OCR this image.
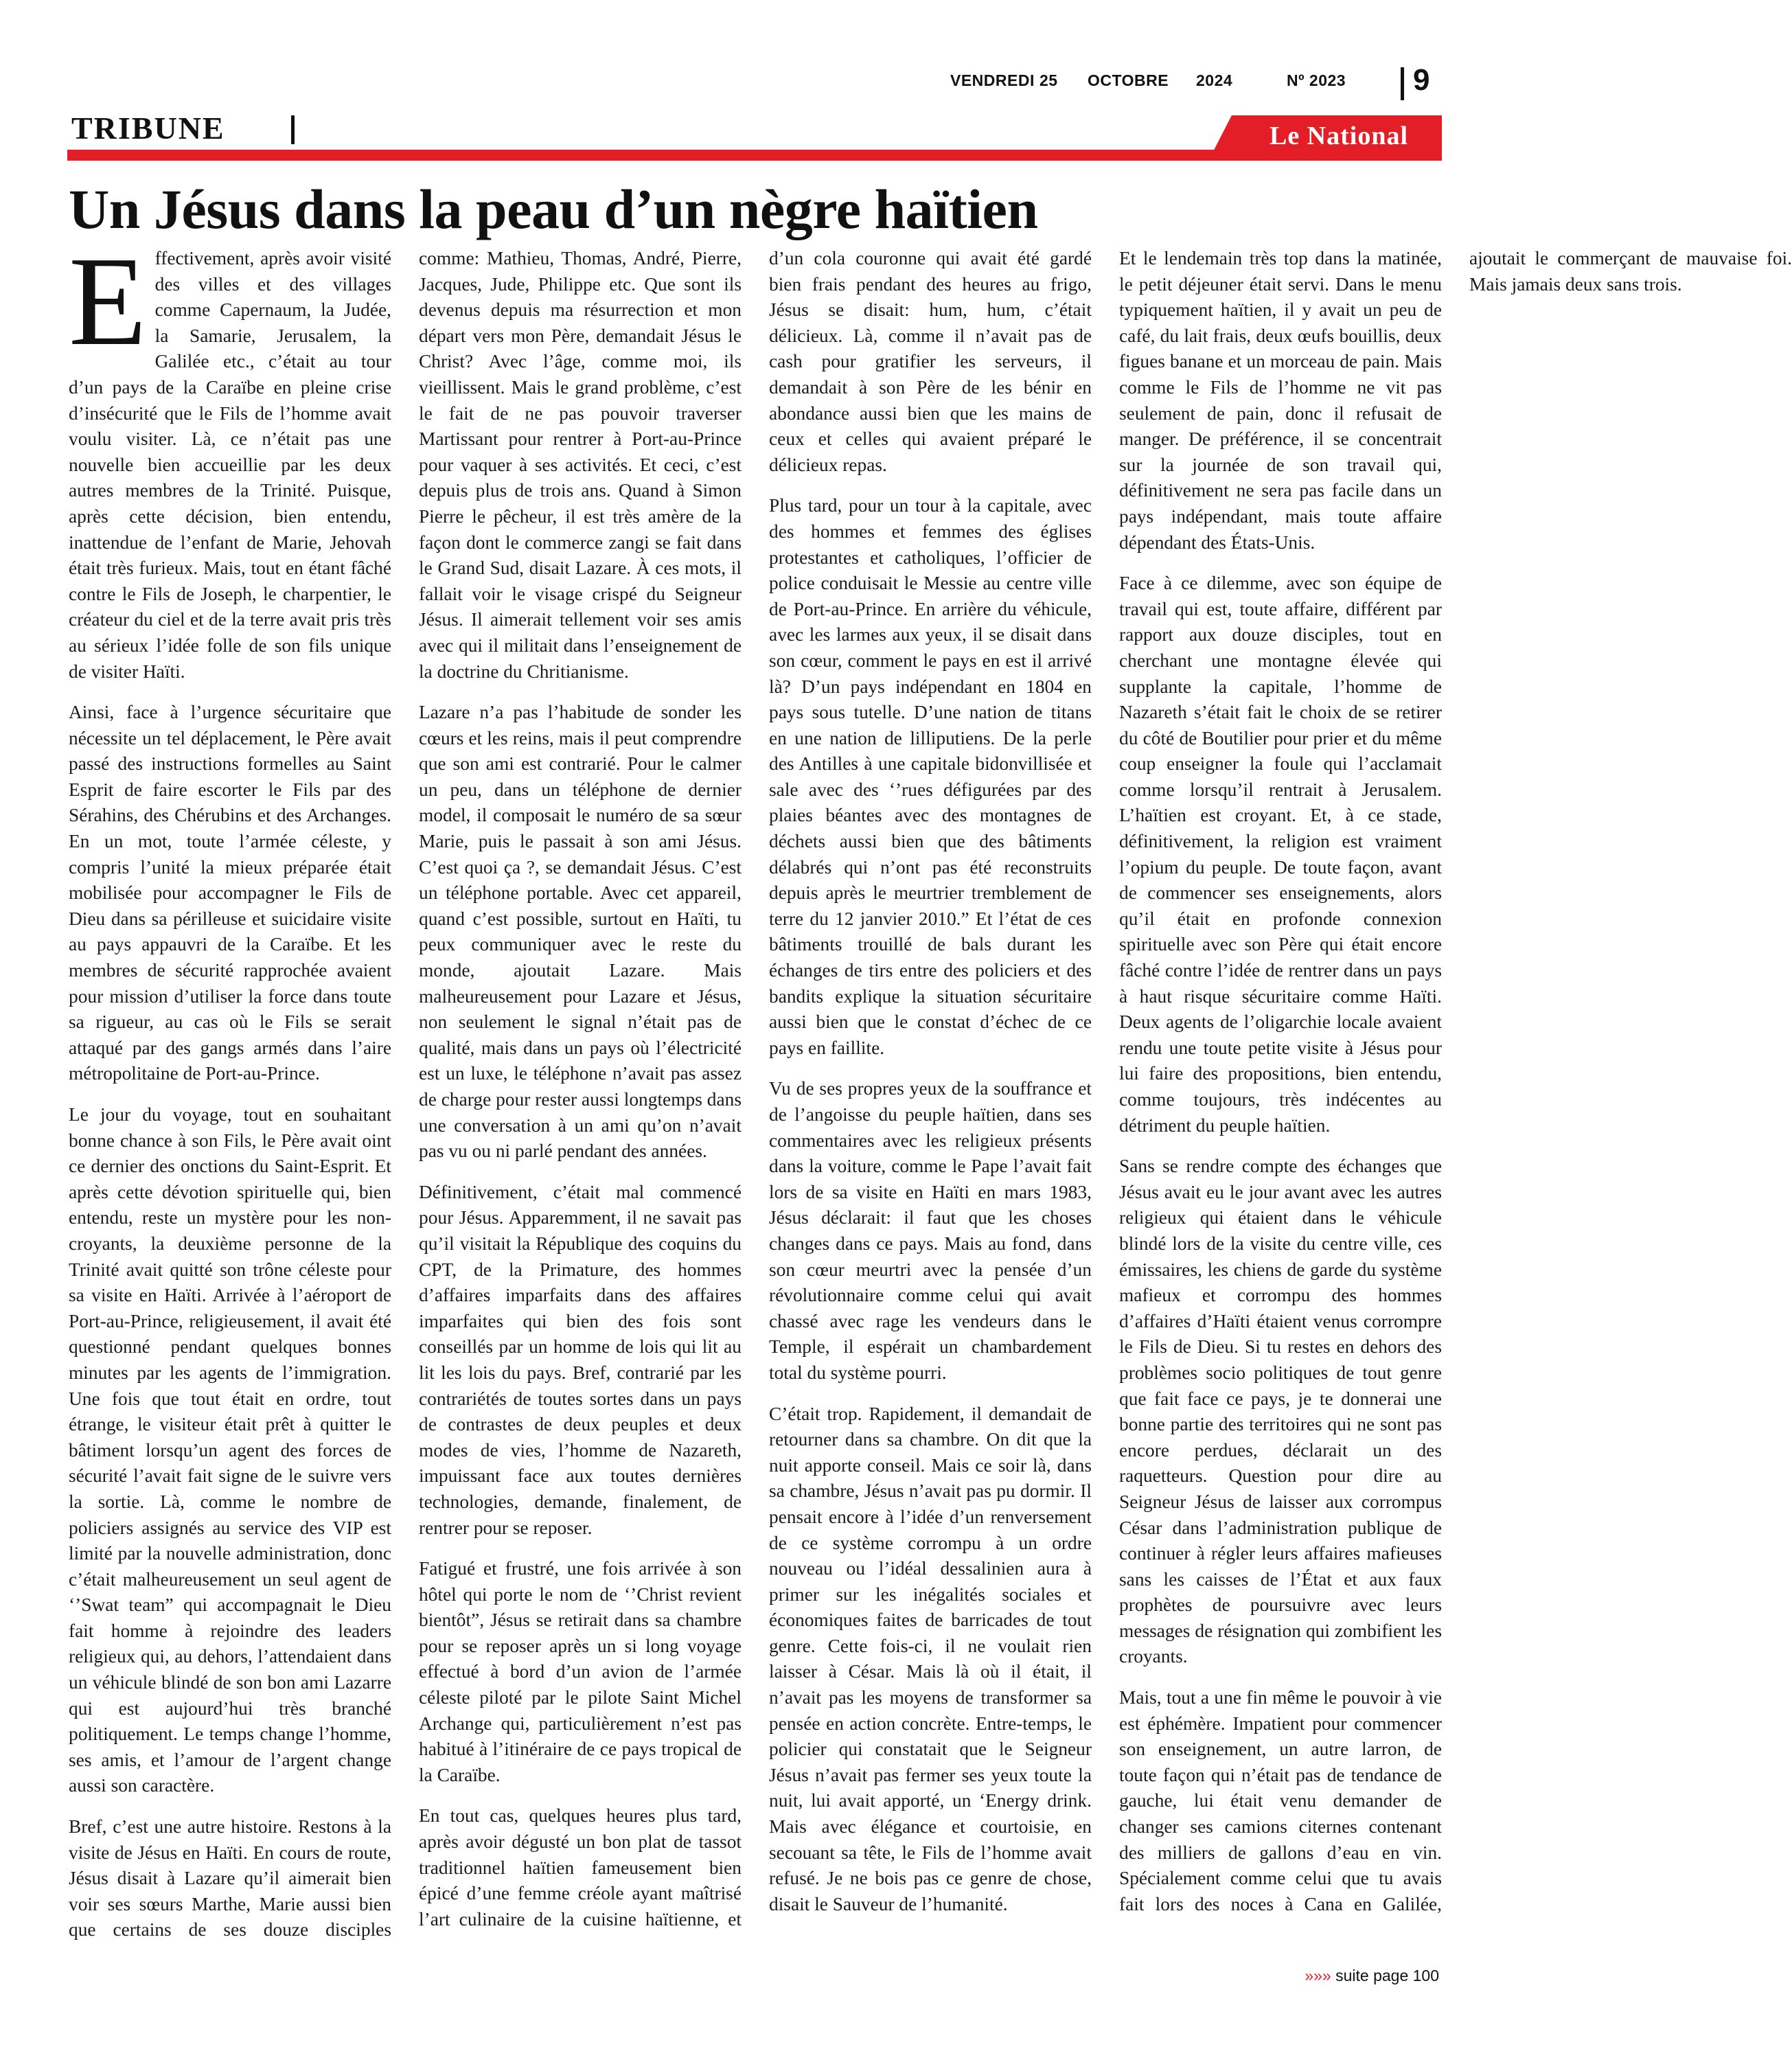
VENDREDI 25 OCTOBRE 2024	Nº 2023 9
TRIBUNE	Le National
Un Jésus dans la peau d’un nègre haïtien

Effectivement, après avoir visité des villes et des villages comme Capernaum, la Judée, la Samarie, Jerusalem, la Galilée etc., c’était au tour d’un pays de la Caraïbe en pleine crise d’insécurité que le Fils de l’homme avait voulu visiter. Là, ce n’était pas une nouvelle bien accueillie par les deux autres membres de la Trinité. Puisque, après cette décision, bien entendu, inattendue de l’enfant de Marie, Jehovah était très furieux. Mais, tout en étant fâché contre le Fils de Joseph, le charpentier, le créateur du ciel et de la terre avait pris très au sérieux l’idée folle de son fils unique de visiter Haïti.

Ainsi, face à l’urgence sécuritaire que nécessite un tel déplacement, le Père avait passé des instructions formelles au Saint Esprit de faire escorter le Fils par des Sérahins, des Chérubins et des Archanges. En un mot, toute l’armée céleste, y compris l’unité la mieux préparée était mobilisée pour accompagner le Fils de Dieu dans sa périlleuse et suicidaire visite au pays appauvri de la Caraïbe. Et les membres de sécurité rapprochée avaient pour mission d’utiliser la force dans toute sa rigueur, au cas où le Fils se serait attaqué par des gangs armés dans l’aire métropolitaine de Port-au-Prince.

Le jour du voyage, tout en souhaitant bonne chance à son Fils, le Père avait oint ce dernier des onctions du Saint-Esprit. Et après cette dévotion spirituelle qui, bien entendu, reste un mystère pour les non-croyants, la deuxième personne de la Trinité avait quitté son trône céleste pour sa visite en Haïti. Arrivée à l’aéroport de Port-au-Prince, religieusement, il avait été questionné pendant quelques bonnes minutes par les agents de l’immigration. Une fois que tout était en ordre, tout étrange, le visiteur était prêt à quitter le bâtiment lorsqu’un agent des forces de sécurité l’avait fait signe de le suivre vers la sortie. Là, comme le nombre de policiers assignés au service des VIP est limité par la nouvelle administration, donc c’était malheureusement un seul agent de ‘’Swat team” qui accompagnait le Dieu fait homme à rejoindre des leaders religieux qui, au dehors, l’attendaient dans un véhicule blindé de son bon ami Lazarre qui est aujourd’hui très branché politiquement. Le temps change l’homme, ses amis, et l’amour de l’argent change aussi son caractère.

Bref, c’est une autre histoire. Restons à la visite de Jésus en Haïti. En cours de route, Jésus disait à Lazare qu’il aimerait bien voir ses sœurs Marthe, Marie aussi bien que certains de ses douze disciples comme: Mathieu, Thomas, André, Pierre, Jacques, Jude, Philippe etc. Que sont ils devenus depuis ma résurrection et mon départ vers mon Père, demandait Jésus le Christ? Avec l’âge, comme moi, ils vieillissent. Mais le grand problème, c’est le fait de ne pas pouvoir traverser Martissant pour rentrer à Port-au-Prince pour vaquer à ses activités. Et ceci, c’est depuis plus de trois ans. Quand à Simon Pierre le pêcheur, il est très amère de la façon dont le commerce zangi se fait dans le Grand Sud, disait Lazare. À ces mots, il fallait voir le visage crispé du Seigneur Jésus. Il aimerait tellement voir ses amis avec qui il militait dans l’enseignement de la doctrine du Chritianisme.

Lazare n’a pas l’habitude de sonder les cœurs et les reins, mais il peut comprendre que son ami est contrarié. Pour le calmer un peu, dans un téléphone de dernier model, il composait le numéro de sa sœur Marie, puis le passait à son ami Jésus. C’est quoi ça ?, se demandait Jésus. C’est un téléphone portable. Avec cet appareil, quand c’est possible, surtout en Haïti, tu peux communiquer avec le reste du monde, ajoutait Lazare. Mais malheureusement pour Lazare et Jésus, non seulement le signal n’était pas de qualité, mais dans un pays où l’électricité est un luxe, le téléphone n’avait pas assez de charge pour rester aussi longtemps dans une conversation à un ami qu’on n’avait pas vu ou ni parlé pendant des années.

Définitivement, c’était mal commencé pour Jésus. Apparemment, il ne savait pas qu’il visitait la République des coquins du CPT, de la Primature, des hommes d’affaires imparfaits dans des affaires imparfaites qui bien des fois sont conseillés par un homme de lois qui lit au lit les lois du pays. Bref, contrarié par les contrariétés de toutes sortes dans un pays de contrastes de deux peuples et deux modes de vies, l’homme de Nazareth, impuissant face aux toutes dernières technologies, demande, finalement, de rentrer pour se reposer.

Fatigué et frustré, une fois arrivée à son hôtel qui porte le nom de ‘’Christ revient bientôt”, Jésus se retirait dans sa chambre pour se reposer après un si long voyage effectué à bord d’un avion de l’armée céleste piloté par le pilote Saint Michel Archange qui, particulièrement n’est pas habitué à l’itinéraire de ce pays tropical de la Caraïbe.

En tout cas, quelques heures plus tard, après avoir dégusté un bon plat de tassot traditionnel haïtien fameusement bien épicé d’une femme créole ayant maîtrisé l’art culinaire de la cuisine haïtienne, et d’un cola couronne qui avait été gardé bien frais pendant des heures au frigo, Jésus se disait: hum, hum, c’était délicieux. Là, comme il n’avait pas de cash pour gratifier les serveurs, il demandait à son Père de les bénir en abondance aussi bien que les mains de ceux et celles qui avaient préparé le délicieux repas.

Plus tard, pour un tour à la capitale, avec des hommes et femmes des églises protestantes et catholiques, l’officier de police conduisait le Messie au centre ville de Port-au-Prince. En arrière du véhicule, avec les larmes aux yeux, il se disait dans son cœur, comment le pays en est il arrivé là? D’un pays indépendant en 1804 en pays sous tutelle. D’une nation de titans en une nation de lilliputiens. De la perle des Antilles à une capitale bidonvillisée et sale avec des ‘’rues défigurées par des plaies béantes avec des montagnes de déchets aussi bien que des bâtiments délabrés qui n’ont pas été reconstruits depuis après le meurtrier tremblement de terre du 12 janvier 2010.” Et l’état de ces bâtiments trouillé de bals durant les échanges de tirs entre des policiers et des bandits explique la situation sécuritaire aussi bien que le constat d’échec de ce pays en faillite.

Vu de ses propres yeux de la souffrance et de l’angoisse du peuple haïtien, dans ses commentaires avec les religieux présents dans la voiture, comme le Pape l’avait fait lors de sa visite en Haïti en mars 1983, Jésus déclarait: il faut que les choses changes dans ce pays. Mais au fond, dans son cœur meurtri avec la pensée d’un révolutionnaire comme celui qui avait chassé avec rage les vendeurs dans le Temple, il espérait un chambardement total du système pourri.

C’était trop. Rapidement, il demandait de retourner dans sa chambre. On dit que la nuit apporte conseil. Mais ce soir là, dans sa chambre, Jésus n’avait pas pu dormir. Il pensait encore à l’idée d’un renversement de ce système corrompu à un ordre nouveau ou l’idéal dessalinien aura à primer sur les inégalités sociales et économiques faites de barricades de tout genre. Cette fois-ci, il ne voulait rien laisser à César. Mais là où il était, il n’avait pas les moyens de transformer sa pensée en action concrète. Entre-temps, le policier qui constatait que le Seigneur Jésus n’avait pas fermer ses yeux toute la nuit, lui avait apporté, un ‘Energy drink. Mais avec élégance et courtoisie, en secouant sa tête, le Fils de l’homme avait refusé. Je ne bois pas ce genre de chose, disait le Sauveur de l’humanité.

Et le lendemain très top dans la matinée, le petit déjeuner était servi. Dans le menu typiquement haïtien, il y avait un peu de café, du lait frais, deux œufs bouillis, deux figues banane et un morceau de pain. Mais comme le Fils de l’homme ne vit pas seulement de pain, donc il refusait de manger. De préférence, il se concentrait sur la journée de son travail qui, définitivement ne sera pas facile dans un pays indépendant, mais toute affaire dépendant des États-Unis.

Face à ce dilemme, avec son équipe de travail qui est, toute affaire, différent par rapport aux douze disciples, tout en cherchant une montagne élevée qui supplante la capitale, l’homme de Nazareth s’était fait le choix de se retirer du côté de Boutilier pour prier et du même coup enseigner la foule qui l’acclamait comme lorsqu’il rentrait à Jerusalem. L’haïtien est croyant. Et, à ce stade, définitivement, la religion est vraiment l’opium du peuple. De toute façon, avant de commencer ses enseignements, alors qu’il était en profonde connexion spirituelle avec son Père qui était encore fâché contre l’idée de rentrer dans un pays à haut risque sécuritaire comme Haïti. Deux agents de l’oligarchie locale avaient rendu une toute petite visite à Jésus pour lui faire des propositions, bien entendu, comme toujours, très indécentes au détriment du peuple haïtien.

Sans se rendre compte des échanges que Jésus avait eu le jour avant avec les autres religieux qui étaient dans le véhicule blindé lors de la visite du centre ville, ces émissaires, les chiens de garde du système mafieux et corrompu des hommes d’affaires d’Haïti étaient venus corrompre le Fils de Dieu. Si tu restes en dehors des problèmes socio politiques de tout genre que fait face ce pays, je te donnerai une bonne partie des territoires qui ne sont pas encore perdues, déclarait un des raquetteurs. Question pour dire au Seigneur Jésus de laisser aux corrompus César dans l’administration publique de continuer à régler leurs affaires mafieuses sans les caisses de l’État et aux faux prophètes de poursuivre avec leurs messages de résignation qui zombifient les croyants.

Mais, tout a une fin même le pouvoir à vie est éphémère. Impatient pour commencer son enseignement, un autre larron, de toute façon qui n’était pas de tendance de gauche, lui était venu demander de changer ses camions citernes contenant des milliers de gallons d’eau en vin. Spécialement comme celui que tu avais fait lors des noces à Cana en Galilée, ajoutait le commerçant de mauvaise foi. Mais jamais deux sans trois.

»»» suite page 100
